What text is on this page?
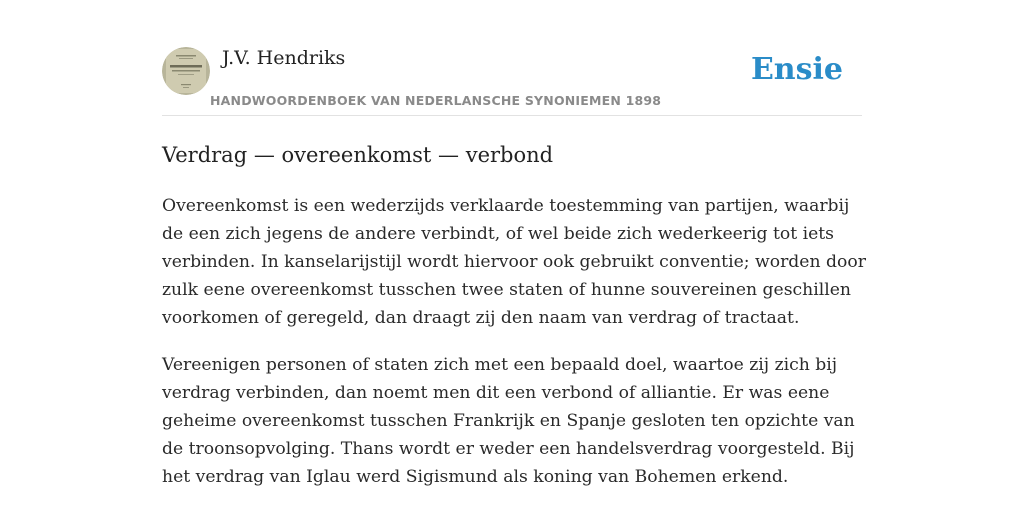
J.V. Hendriks
HANDWOORDENBOEK VAN NEDERLANSCHE SYNONIEMEN 1898
Ensie
Verdrag — overeenkomst — verbond

Overeenkomst is een wederzijds verklaarde toestemming van partijen, waarbij de een zich jegens de andere verbindt, of wel beide zich wederkeerig tot iets verbinden. In kanselarijstijl wordt hiervoor ook gebruikt conventie; worden door zulk eene overeenkomst tusschen twee staten of hunne souvereinen geschillen voorkomen of geregeld, dan draagt zij den naam van verdrag of tractaat.

Vereenigen personen of staten zich met een bepaald doel, waartoe zij zich bij verdrag verbinden, dan noemt men dit een verbond of alliantie. Er was eene geheime overeenkomst tusschen Frankrijk en Spanje gesloten ten opzichte van de troonsopvolging. Thans wordt er weder een handelsverdrag voorgesteld. Bij het verdrag van Iglau werd Sigismund als koning van Bohemen erkend.
